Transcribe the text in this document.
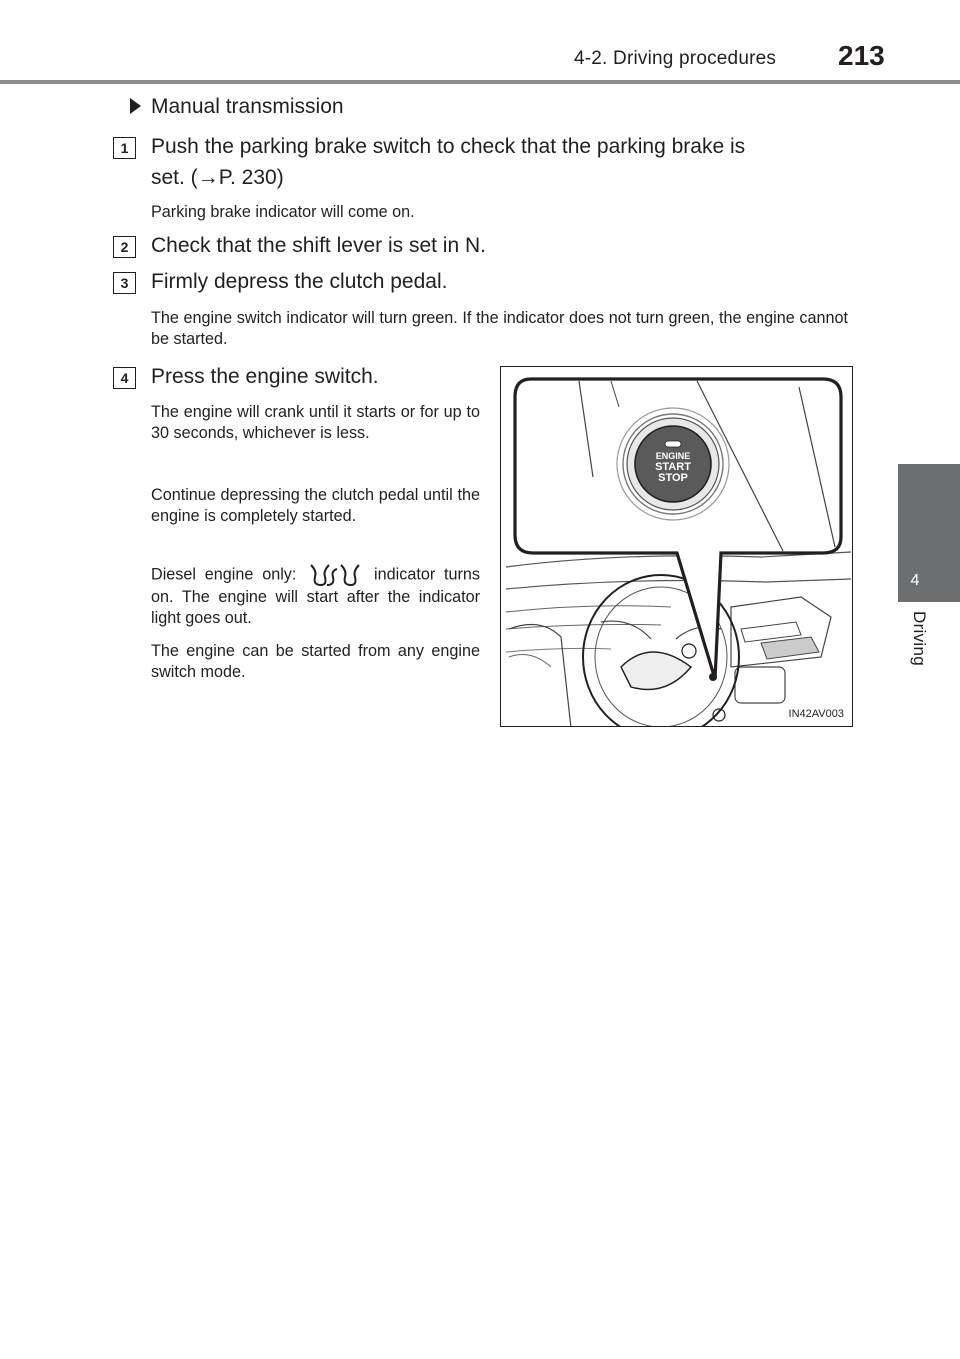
4-2. Driving procedures 213
4
Driving
Manual transmission
1	Push the parking brake switch to check that the parking brake is
set. (→P. 230)
Parking brake indicator will come on.
2	Check that the shift lever is set in N.
3	Firmly depress the clutch pedal.
The engine switch indicator will turn green. If the indicator does not turn green, the engine cannot be started.
4	Press the engine switch.
The engine will crank until it starts or for up to 30 seconds, whichever is less.
Continue depressing the clutch pedal until the engine is completely started.
Diesel engine only:	indicator turns on. The engine will start after the indicator light goes out.
The engine can be started from any engine switch mode.
ENGINE
START
STOP
IN42AV003
